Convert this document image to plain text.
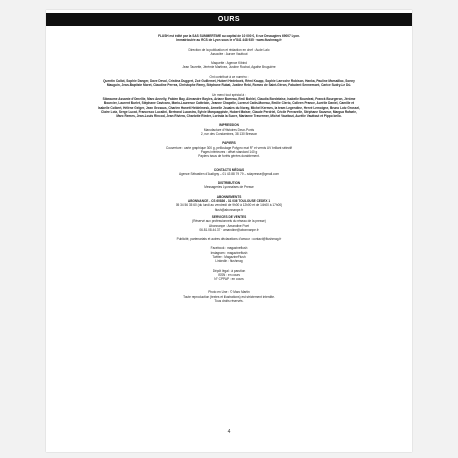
OURS

FLUSH est édité par la SAS SUMMERTIME au capital de 10 000 €, 6 rue Desaugiers 69007 Lyon.

Immatriculée au RCS de Lyon sous le n°841 448 935 · www.flushmag.fr

Direction de la publication et rédaction en chef : Aude Lalo

Associée : Aurore Vauttout

Maquette : Agence Kibind

Jean Taurette, Jérémie Martinez, Justine Rochat, Agathe Bruguière

Ont contribué à ce numéro :

Quentin Callot, Sophie Danger, Dave Deval, Cristina Duggert, Zoé Guillemet, Hubert Hedeboek, Rémi Kaupp, Sophie Larroche Robison, Hanka, Pauline Marsaillac, Sonny Mauguin, Jean-Baptiste Moret, Claudine Perrea, Christophe Remy, Stéphane Rubat, Justine Rebi, Romeo de Saint-Géron, Fabulent Sennemont, Carice Sudry-Le Dû.

Un merci tout spécial à :

Sibeaume Assante d'Omellie, Marc Annelly, Fabien Bay, Alexandre Boyles, Ariane Barreau, Emil Bohlel, Claudia Bordelaise, Isabelle Bourdeat, Franck Bourgeron, Jérôme Bourcier, Laurent Burlet, Stéphane Cavicaro, Mario-Laurence Catteloin, Jeanne Chapelle, Lorenzi Catin-Moreau, Emilie Clerio, Colleen Prance, Aurélie Daniel, Camille et Isabelle Colbert, Hélène Gelger, Jean Grosaus, Charlen Hanett Heldelmesk, Armelle Jouales du Noray, Michel Kermes, la team Legendine, Hervé Lemoigne, Bruno Lotz Grossel, Claire Lotz, Serge Lucat, Francesco Lucalini, Bertrand Lucastra, Sylvie Marquappiste, Hubert Maiser, Claude Perdriel, Cécile Prevarelle, Stéphane Sauveur, Margua Rafaele, Marc Remes, Jean-Louis Rincod, Jean Riviera, Charlotte Rieder, Lorinda la Sucre, Marianne Travermer, Michel Vauttout, Aurélie Vauttout et Pippo bello.

IMPRESSION

Manufacture d'Histoires Deux-Ponts

2, rue des Condamines, 38 130 Bresson

PAPIERS

Couverture : carte graphique 300 g, pelliculage Polypro mat R° et vernis UV brillant sélectif

Pages intérieures : offset standard 140 g

Papiers issus de forêts gérées durablement.

CONTACTS MÉDIAS

Agence Sébastien d'Audigny – 01 43 88 79 79 – sdapresse@gmail.com

DISTRIBUTION

Messageries Lyonnaises de Presse

ABONNEMENTS

ABONNANCE - CS 60836 - 31 036 TOULOUSE CEDEX 1

05 34 56 35 60 (du lundi au vendredi de 9h00 à 12h00 et de 14h00 à 17h00)

flush@abonnanpe.fr

SERVICES DE VENTES

(Réservé aux professionnels du réseau de la presse)

Abonnanpe : Amandine Poet

06.81.08.44.37 · amandine@abonnanpe.fr

Publicité, partenariats et autres déclarations d'amour : contact@flushmag.fr

Facebook : magazineflush

Instagram : magazineflush

Twitter : MagazineFlush

LinkedIn : flushmag

Dépôt légal : à parution

ISSN : en cours

N° CPPAP : en cours

Photo en Une : © Marc Martin

Toute reproduction (textes et illustrations) est strictement interdite.

Tous droits réservés.

4
